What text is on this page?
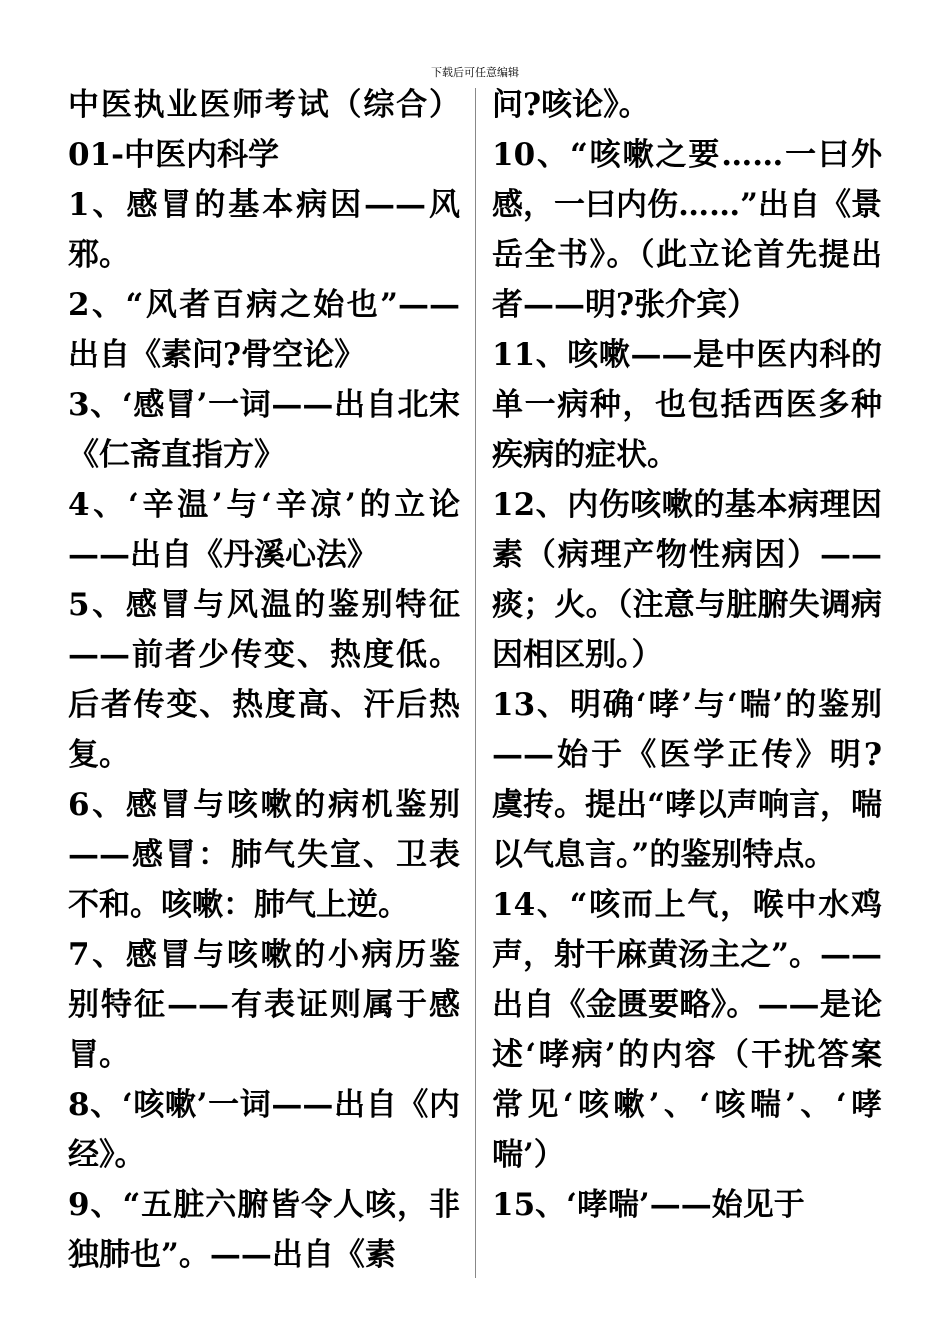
下载后可任意编辑

中医执业医师考试（综合）01-中医内科学

1、感冒的基本病因——风邪。

2、“风者百病之始也”——出自《素问?骨空论》

3、‘感冒’一词——出自北宋《仁斋直指方》

4、‘辛温’与‘辛凉’的立论——出自《丹溪心法》

5、感冒与风温的鉴别特征——前者少传变、热度低。后者传变、热度高、汗后热复。

6、感冒与咳嗽的病机鉴别——感冒：肺气失宣、卫表不和。咳嗽：肺气上逆。

7、感冒与咳嗽的小病历鉴别特征——有表证则属于感冒。

8、‘咳嗽’一词——出自《内经》。

9、“五脏六腑皆令人咳，非独肺也”。——出自《素

问?咳论》。

10、“咳嗽之要……一曰外感，一曰内伤……”出自《景岳全书》。（此立论首先提出者——明?张介宾）

11、咳嗽——是中医内科的单一病种，也包括西医多种疾病的症状。

12、内伤咳嗽的基本病理因素（病理产物性病因）——痰；火。（注意与脏腑失调病因相区别。）

13、明确‘哮’与‘喘’的鉴别——始于《医学正传》明?虞抟。提出“哮以声响言，喘以气息言。”的鉴别特点。

14、“咳而上气，喉中水鸡声，射干麻黄汤主之”。——出自《金匮要略》。——是论述‘哮病’的内容（干扰答案常见‘咳嗽’、‘咳喘’、‘哮喘’）

15、‘哮喘’——始见于
